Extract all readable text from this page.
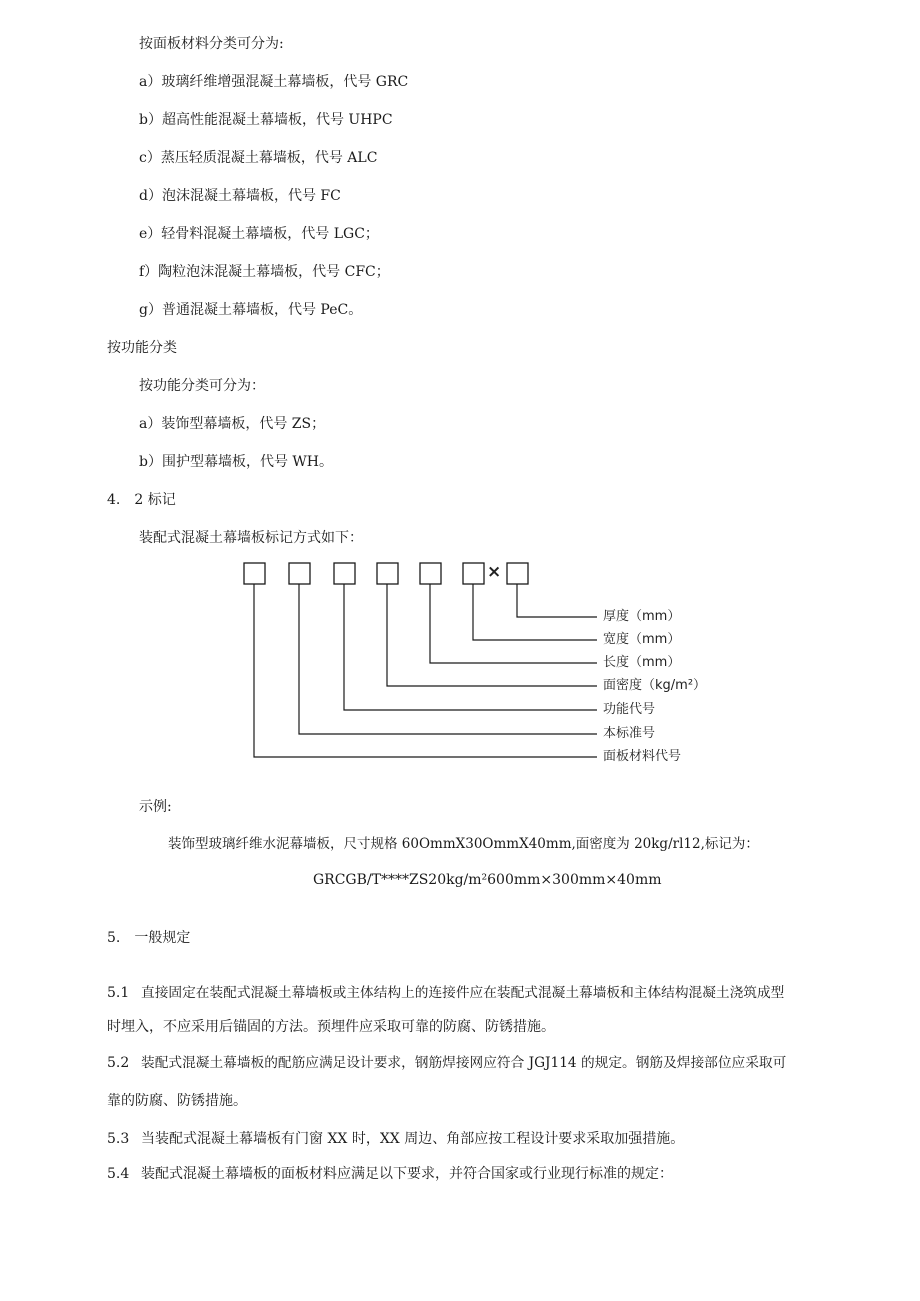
按面板材料分类可分为:
a）玻璃纤维增强混凝土幕墙板，代号 GRC
b）超高性能混凝土幕墙板，代号 UHPC
c）蒸压轻质混凝土幕墙板，代号 ALC
d）泡沫混凝土幕墙板，代号 FC
e）轻骨料混凝土幕墙板，代号 LGC；
f）陶粒泡沫混凝土幕墙板，代号 CFC；
g）普通混凝土幕墙板，代号 PeC。
按功能分类
按功能分类可分为：
a）装饰型幕墙板，代号 ZS；
b）围护型幕墙板，代号 WH。
4.　2 标记
装配式混凝土幕墙板标记方式如下：
×
厚度（mm）
宽度（mm）
长度（mm）
面密度（kg/m²）
功能代号
本标准号
面板材料代号
示例:
装饰型玻璃纤维水泥幕墙板，尺寸规格 60OmmX30OmmX40mm,面密度为 20kg/rl12,标记为：
GRCGB/T****ZS20kg/m²600mm×300mm×40mm
5.　一般规定
5.1 直接固定在装配式混凝土幕墙板或主体结构上的连接件应在装配式混凝土幕墙板和主体结构混凝土浇筑成型
时埋入，不应采用后锚固的方法。预埋件应采取可靠的防腐、防锈措施。
5.2 装配式混凝土幕墙板的配筋应满足设计要求，钢筋焊接网应符合 JGJ114 的规定。钢筋及焊接部位应采取可
靠的防腐、防锈措施。
5.3 当装配式混凝土幕墙板有门窗 XX 时，XX 周边、角部应按工程设计要求采取加强措施。
5.4 装配式混凝土幕墙板的面板材料应满足以下要求，并符合国家或行业现行标准的规定：
